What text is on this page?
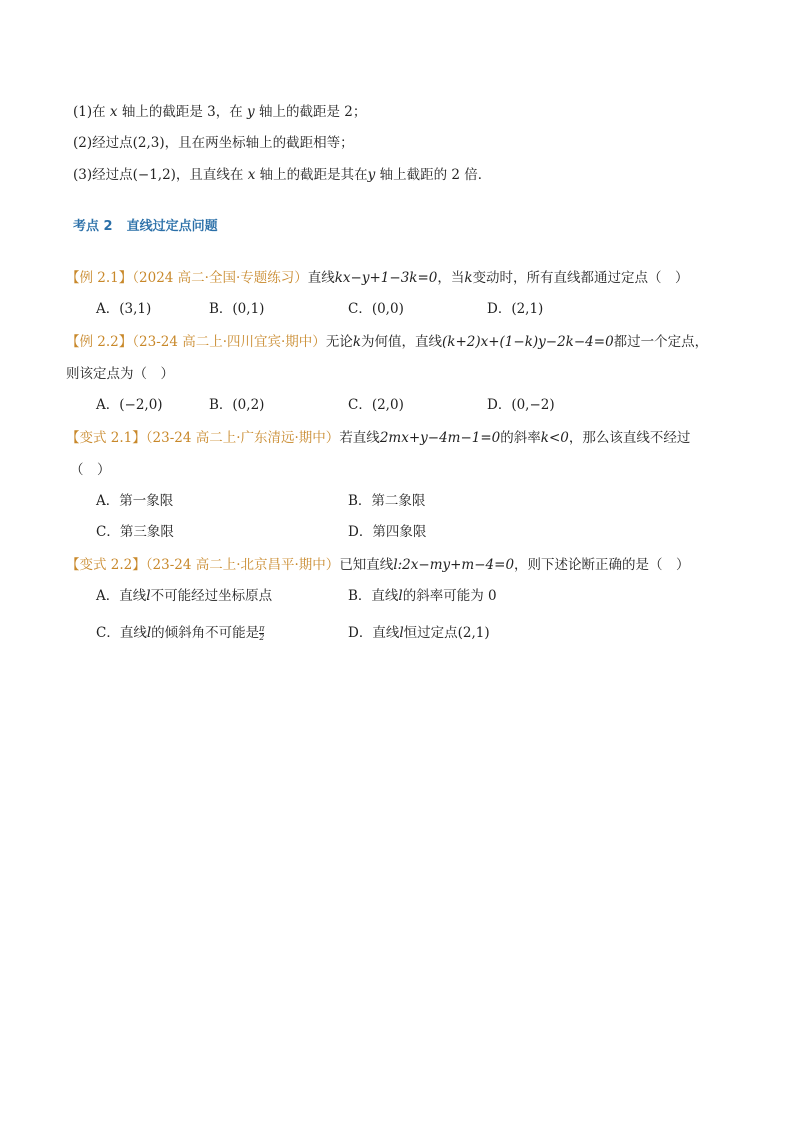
(1)在 x 轴上的截距是 3，在 y 轴上的截距是 2；
(2)经过点(2,3)，且在两坐标轴上的截距相等；
(3)经过点(−1,2)，且直线在 x 轴上的截距是其在y 轴上截距的 2 倍．
考点 2 直线过定点问题
【例 2.1】（2024 高二·全国·专题练习）直线kx−y+1−3k=0，当k变动时，所有直线都通过定点（　）
A．(3,1)	B．(0,1)	C．(0,0)	D．(2,1)
【例 2.2】（23-24 高二上·四川宜宾·期中）无论k为何值，直线(k+2)x+(1−k)y−2k−4=0都过一个定点，
则该定点为（　）
A．(−2,0)	B．(0,2)	C．(2,0)	D．(0,−2)
【变式 2.1】（23-24 高二上·广东清远·期中）若直线2mx+y−4m−1=0的斜率k<0，那么该直线不经过
（　）
A．第一象限	B．第二象限
C．第三象限	D．第四象限
【变式 2.2】（23-24 高二上·北京昌平·期中）已知直线l:2x−my+m−4=0，则下述论断正确的是（　）
A．直线l不可能经过坐标原点	B．直线l的斜率可能为 0
C．直线l的倾斜角不可能是 $\frac{\pi}{2}$	D．直线l恒过定点(2,1)
